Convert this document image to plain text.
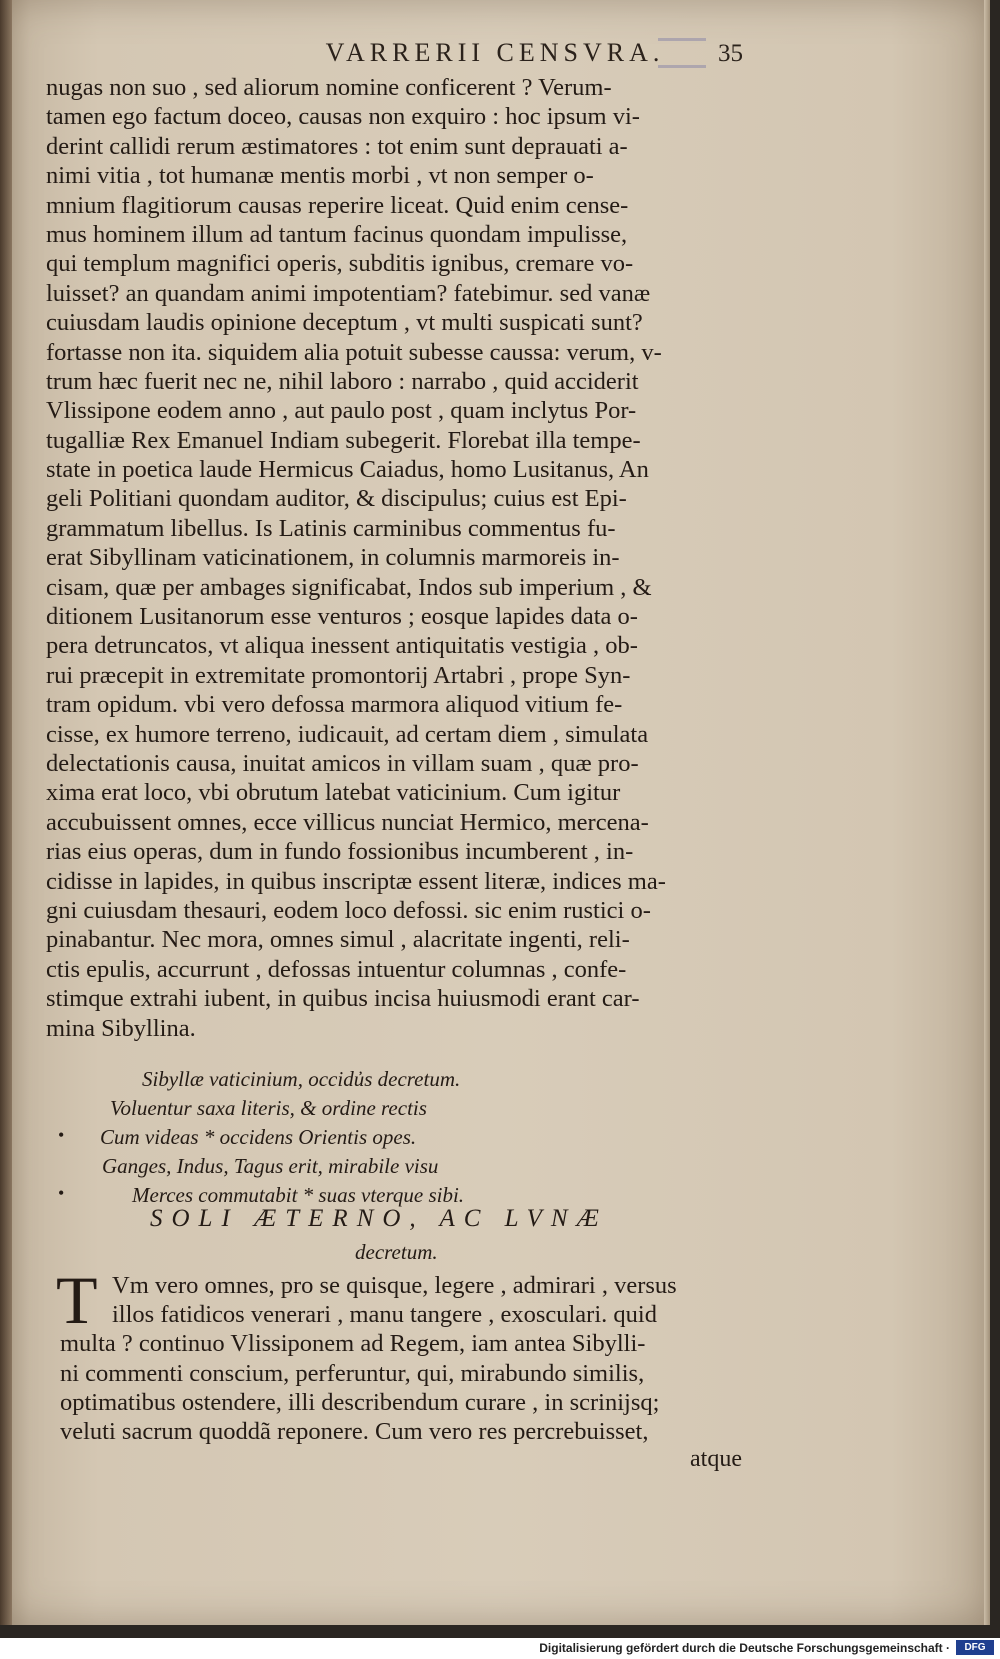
VARRERII CENSVRA.	35
nugas non suo , sed aliorum nomine conficerent ? Verum-
tamen ego factum doceo, causas non exquiro : hoc ipsum vi-
derint callidi rerum æstimatores : tot enim sunt deprauati a-
nimi vitia , tot humanæ mentis morbi , vt non semper o-
mnium flagitiorum causas reperire liceat. Quid enim cense-
mus hominem illum ad tantum facinus quondam impulisse,
qui templum magnifici operis, subditis ignibus, cremare vo-
luisset? an quandam animi impotentiam? fatebimur. sed vanæ
cuiusdam laudis opinione deceptum , vt multi suspicati sunt?
fortasse non ita. siquidem alia potuit subesse caussa: verum, v-
trum hæc fuerit nec ne, nihil laboro : narrabo , quid acciderit
Vlissipone eodem anno , aut paulo post , quam inclytus Por-
tugalliæ Rex Emanuel Indiam subegerit. Florebat illa tempe-
state in poetica laude Hermicus Caiadus, homo Lusitanus, An
geli Politiani quondam auditor, & discipulus; cuius est Epi-
grammatum libellus. Is Latinis carminibus commentus fu-
erat Sibyllinam vaticinationem, in columnis marmoreis in-
cisam, quæ per ambages significabat, Indos sub imperium , &
ditionem Lusitanorum esse venturos ; eosque lapides data o-
pera detruncatos, vt aliqua inessent antiquitatis vestigia , ob-
rui præcepit in extremitate promontorij Artabri , prope Syn-
tram opidum. vbi vero defossa marmora aliquod vitium fe-
cisse, ex humore terreno, iudicauit, ad certam diem , simulata
delectationis causa, inuitat amicos in villam suam , quæ pro-
xima erat loco, vbi obrutum latebat vaticinium. Cum igitur
accubuissent omnes, ecce villicus nunciat Hermico, mercena-
rias eius operas, dum in fundo fossionibus incumberent , in-
cidisse in lapides, in quibus inscriptæ essent literæ, indices ma-
gni cuiusdam thesauri, eodem loco defossi. sic enim rustici o-
pinabantur. Nec mora, omnes simul , alacritate ingenti, reli-
ctis epulis, accurrunt , defossas intuentur columnas , confe-
stimque extrahi iubent, in quibus incisa huiusmodi erant car-
mina Sibyllina.
Sibyllæ vaticinium, occidu̓s decretum.
Voluentur saxa literis, & ordine rectis
Cum videas * occidens Orientis opes.
Ganges, Indus, Tagus erit, mirabile visu
Merces commutabit * suas vterque sibi.
•
•
SOLI ÆTERNO, AC LVNÆ
decretum.
T Vm vero omnes, pro se quisque, legere , admirari , versus
illos fatidicos venerari , manu tangere , exosculari. quid
multa ? continuo Vlissiponem ad Regem, iam antea Sibylli-
ni commenti conscium, perferuntur, qui, mirabundo similis,
optimatibus ostendere, illi describendum curare , in scrinijsq;
veluti sacrum quoddã reponere. Cum vero res percrebuisset,
atque
Digitalisierung gefördert durch die Deutsche Forschungsgemeinschaft ·	DFG
